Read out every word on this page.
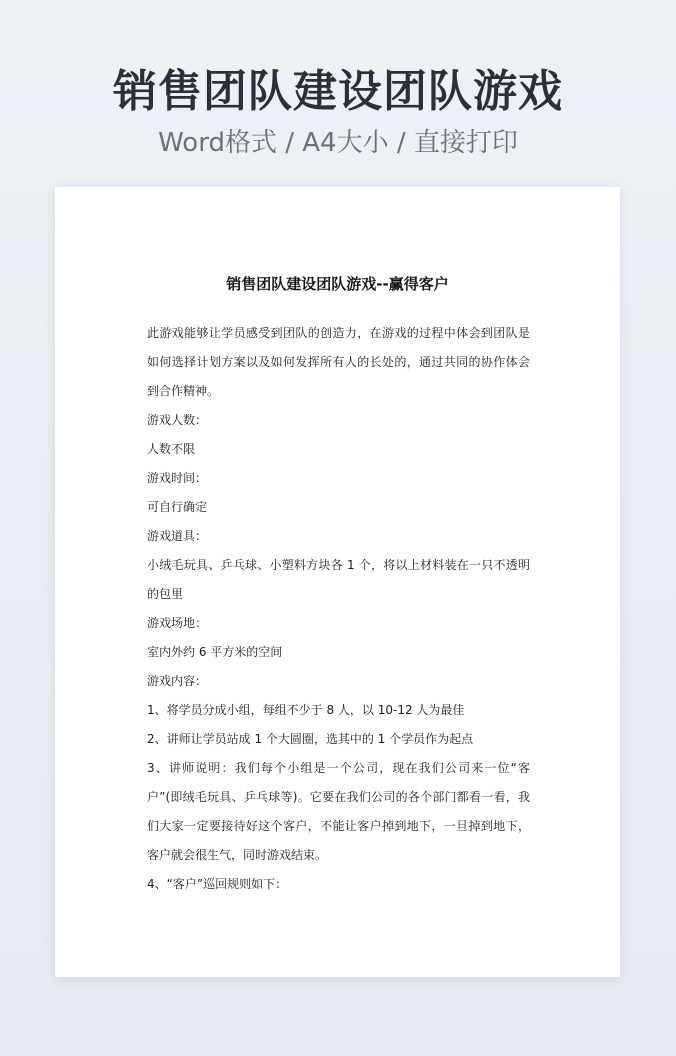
销售团队建设团队游戏
Word格式 / A4大小 / 直接打印
销售团队建设团队游戏--赢得客户

此游戏能够让学员感受到团队的创造力，在游戏的过程中体会到团队是如何选择计划方案以及如何发挥所有人的长处的，通过共同的协作体会到合作精神。

游戏人数：

人数不限

游戏时间：

可自行确定

游戏道具：

小绒毛玩具、乒乓球、小塑料方块各 1 个，将以上材料装在一只不透明的包里

游戏场地：

室内外约 6 平方米的空间

游戏内容：

1、将学员分成小组，每组不少于 8 人，以 10-12 人为最佳

2、讲师让学员站成 1 个大圆圈，选其中的 1 个学员作为起点

3、讲师说明：我们每个小组是一个公司，现在我们公司来一位“客户”(即绒毛玩具、乒乓球等)。它要在我们公司的各个部门都看一看，我们大家一定要接待好这个客户，不能让客户掉到地下，一旦掉到地下，客户就会很生气，同时游戏结束。

4、“客户”巡回规则如下：
